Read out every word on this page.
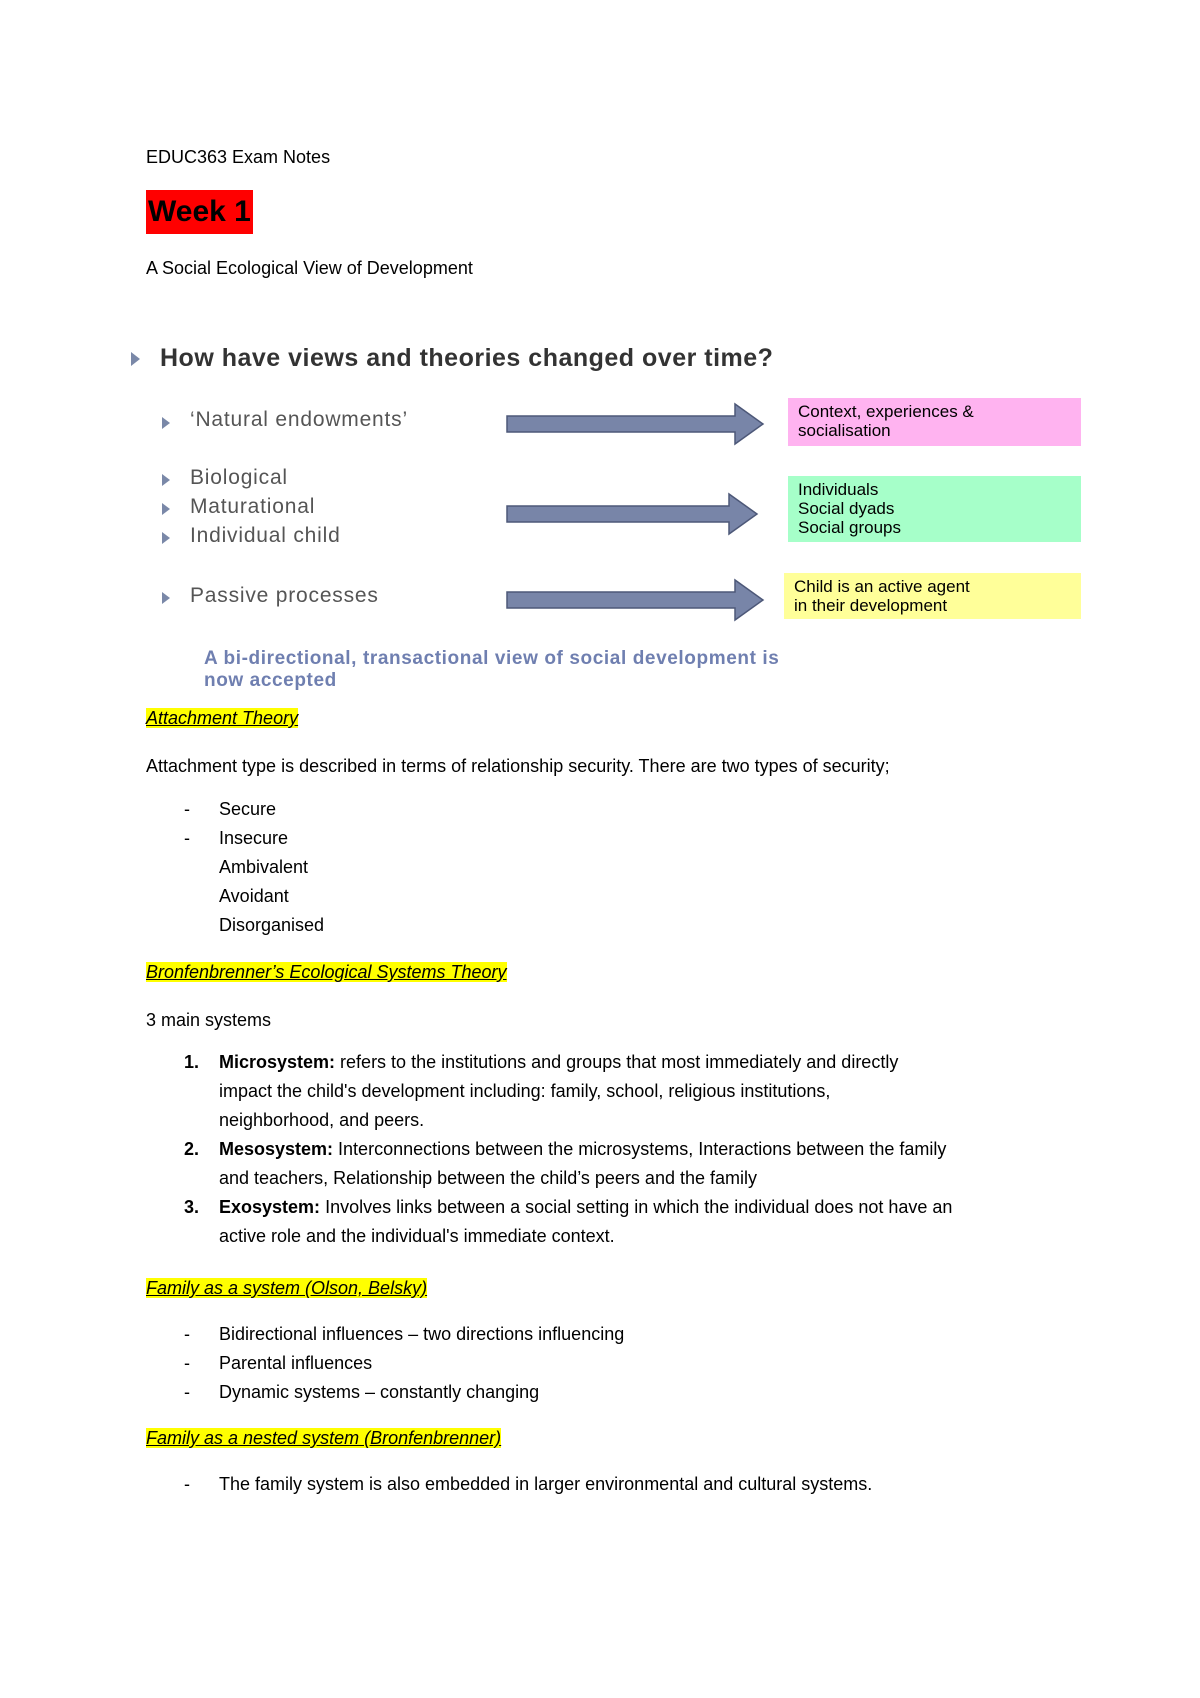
EDUC363 Exam Notes
Week 1
A Social Ecological View of Development
How have views and theories changed over time?
‘Natural endowments’	Context, experiences &
socialisation
Biological
Maturational
Individual child
Individuals
Social dyads
Social groups
Passive processes	Child is an active agent
in their development
A bi-directional, transactional view of social development is
now accepted
Attachment Theory
Attachment type is described in terms of relationship security. There are two types of security;
- Secure
- Insecure
Ambivalent
Avoidant
Disorganised
Bronfenbrenner’s Ecological Systems Theory
3 main systems
1. Microsystem: refers to the institutions and groups that most immediately and directly
impact the child's development including: family, school, religious institutions,
neighborhood, and peers.
2. Mesosystem: Interconnections between the microsystems, Interactions between the family
and teachers, Relationship between the child’s peers and the family
3. Exosystem: Involves links between a social setting in which the individual does not have an
active role and the individual's immediate context.
Family as a system (Olson, Belsky)
- Bidirectional influences – two directions influencing
- Parental influences
- Dynamic systems – constantly changing
Family as a nested system (Bronfenbrenner)
- The family system is also embedded in larger environmental and cultural systems.
